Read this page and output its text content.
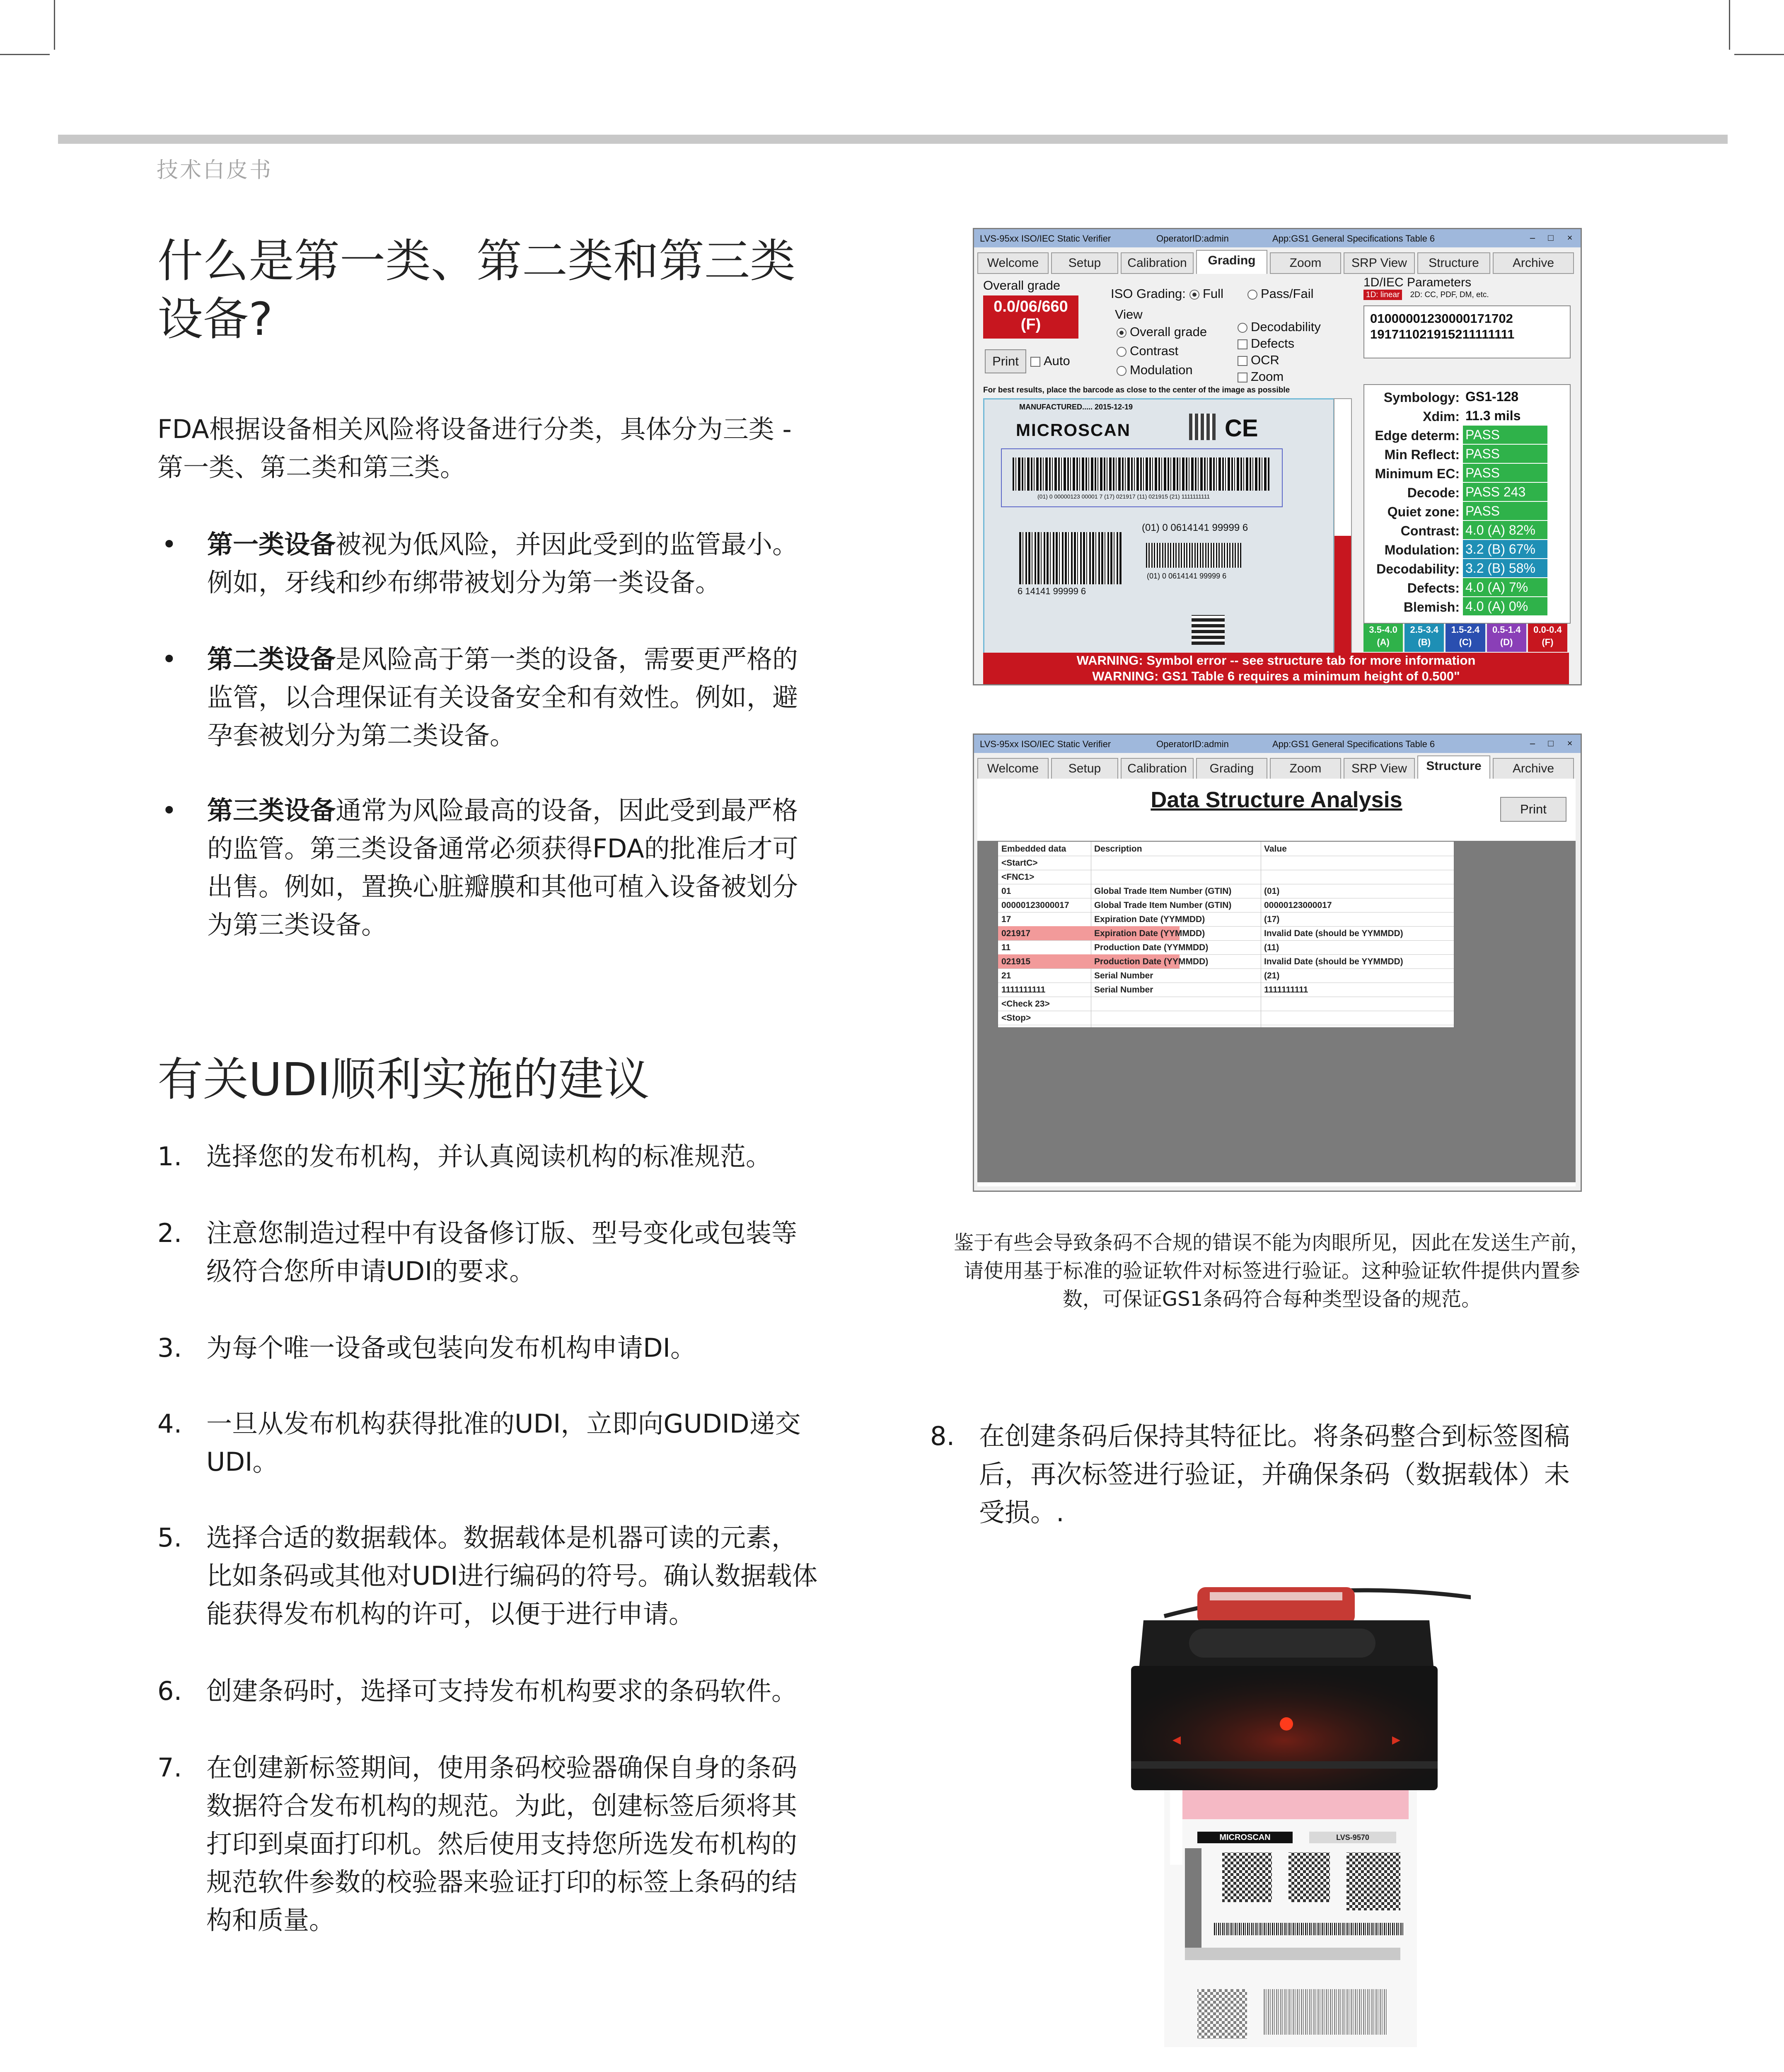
技术白皮书
什么是第一类、第二类和第三类
设备?

FDA根据设备相关风险将设备进行分类，具体分为三类 -

第一类、第二类和第三类。

• 第一类设备被视为低风险，并因此受到的监管最小。
例如，牙线和纱布绑带被划分为第一类设备。
• 第二类设备是风险高于第一类的设备，需要更严格的
监管，以合理保证有关设备安全和有效性。例如，避
孕套被划分为第二类设备。
• 第三类设备通常为风险最高的设备，因此受到最严格
的监管。第三类设备通常必须获得FDA的批准后才可
出售。例如，置换心脏瓣膜和其他可植入设备被划分
为第三类设备。
有关UDI顺利实施的建议
1. 选择您的发布机构，并认真阅读机构的标准规范。
2. 注意您制造过程中有设备修订版、型号变化或包装等
级符合您所申请UDI的要求。
3. 为每个唯一设备或包装向发布机构申请DI。
4. 一旦从发布机构获得批准的UDI，立即向GUDID递交
UDI。
5. 选择合适的数据载体。数据载体是机器可读的元素，
比如条码或其他对UDI进行编码的符号。确认数据载体
能获得发布机构的许可，以便于进行申请。
6. 创建条码时，选择可支持发布机构要求的条码软件。
7. 在创建新标签期间，使用条码校验器确保自身的条码
数据符合发布机构的规范。为此，创建标签后须将其
打印到桌面打印机。然后使用支持您所选发布机构的
规范软件参数的校验器来验证打印的标签上条码的结
构和质量。
8. 在创建条码后保持其特征比。将条码整合到标签图稿
后，再次标签进行验证，并确保条码（数据载体）未
受损。.
LVS-95xx ISO/IEC Static Verifier	OperatorID:admin	App:GS1 General Specifications Table 6	–	□	×
Welcome	Setup	Calibration	Grading	Zoom	SRP View	Structure	Archive
Overall grade
0.0/06/660
(F)
Print	Auto
ISO Grading:	Full	Pass/Fail
View
Overall grade
Contrast
Modulation
Decodability
Defects
OCR
Zoom
For best results, place the barcode as close to the center of the image as possible
MANUFACTURED..... 2015-12-19
MICROSCAN	CE
(01) 0 00000123 00001 7 (17) 021917 (11) 021915 (21) 1111111111
(01) 0 0614141 99999 6
6 14141 99999 6
(01) 0 0614141 99999 6
1D/IEC Parameters
1D: linear 2D: CC, PDF, DM, etc.
01000001230000171702
191711021915211111111
Symbology: GS1-128
Xdim: 11.3 mils
Edge determ: PASS
Min Reflect: PASS
Minimum EC: PASS
Decode: PASS 243
Quiet zone: PASS
Contrast: 4.0 (A) 82%
Modulation: 3.2 (B) 67%
Decodability: 3.2 (B) 58%
Defects: 4.0 (A) 7%
Blemish: 4.0 (A) 0%
3.5-4.0
(A)
2.5-3.4
(B)
1.5-2.4
(C)
0.5-1.4
(D)
0.0-0.4
(F)
WARNING: Symbol error -- see structure tab for more information
WARNING: GS1 Table 6 requires a minimum height of 0.500"
LVS-95xx ISO/IEC Static Verifier	OperatorID:admin	App:GS1 General Specifications Table 6	–	□	×
Welcome	Setup	Calibration	Grading	Zoom	SRP View	Structure	Archive
Data Structure Analysis	Print
Embedded data	Description	Value
<StartC>
<FNC1>
01	Global Trade Item Number (GTIN)	(01)
00000123000017	Global Trade Item Number (GTIN)	00000123000017
17	Expiration Date (YYMMDD)	(17)
021917	Expiration Date (YYMMDD)	Invalid Date (should be YYMMDD)
11	Production Date (YYMMDD)	(11)
021915	Production Date (YYMMDD)	Invalid Date (should be YYMMDD)
21	Serial Number	(21)
1111111111	Serial Number	1111111111
<Check 23>
<Stop>
鉴于有些会导致条码不合规的错误不能为肉眼所见，因此在发送生产前，
请使用基于标准的验证软件对标签进行验证。这种验证软件提供内置参
数，可保证GS1条码符合每种类型设备的规范。
MICROSCAN	LVS-9570
